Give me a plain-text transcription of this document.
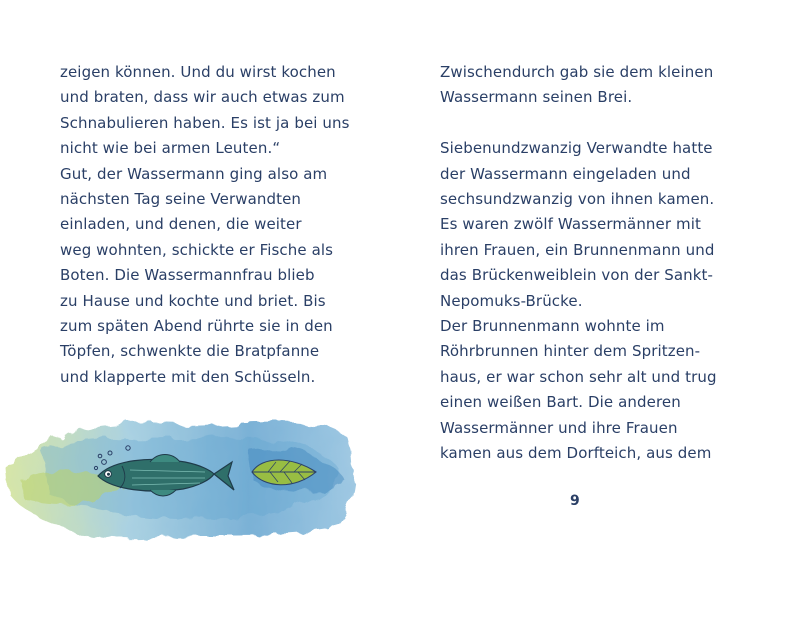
zeigen können. Und du wirst kochen
und braten, dass wir auch etwas zum
Schnabulieren haben. Es ist ja bei uns
nicht wie bei armen Leuten.“
Gut, der Wassermann ging also am
nächsten Tag seine Verwandten
einladen, und denen, die weiter
weg wohnten, schickte er Fische als
Boten. Die Wassermannfrau blieb
zu Hause und kochte und briet. Bis
zum späten Abend rührte sie in den
Töpfen, schwenkte die Bratpfanne
und klapperte mit den Schüsseln.
Zwischendurch gab sie dem kleinen
Wassermann seinen Brei.
Siebenundzwanzig Verwandte hatte
der Wassermann eingeladen und
sechsundzwanzig von ihnen kamen.
Es waren zwölf Wassermänner mit
ihren Frauen, ein Brunnenmann und
das Brückenweiblein von der Sankt-
Nepomuks-Brücke.
Der Brunnenmann wohnte im
Röhrbrunnen hinter dem Spritzen-
haus, er war schon sehr alt und trug
einen weißen Bart. Die anderen
Wassermänner und ihre Frauen
kamen aus dem Dorfteich, aus dem
9
